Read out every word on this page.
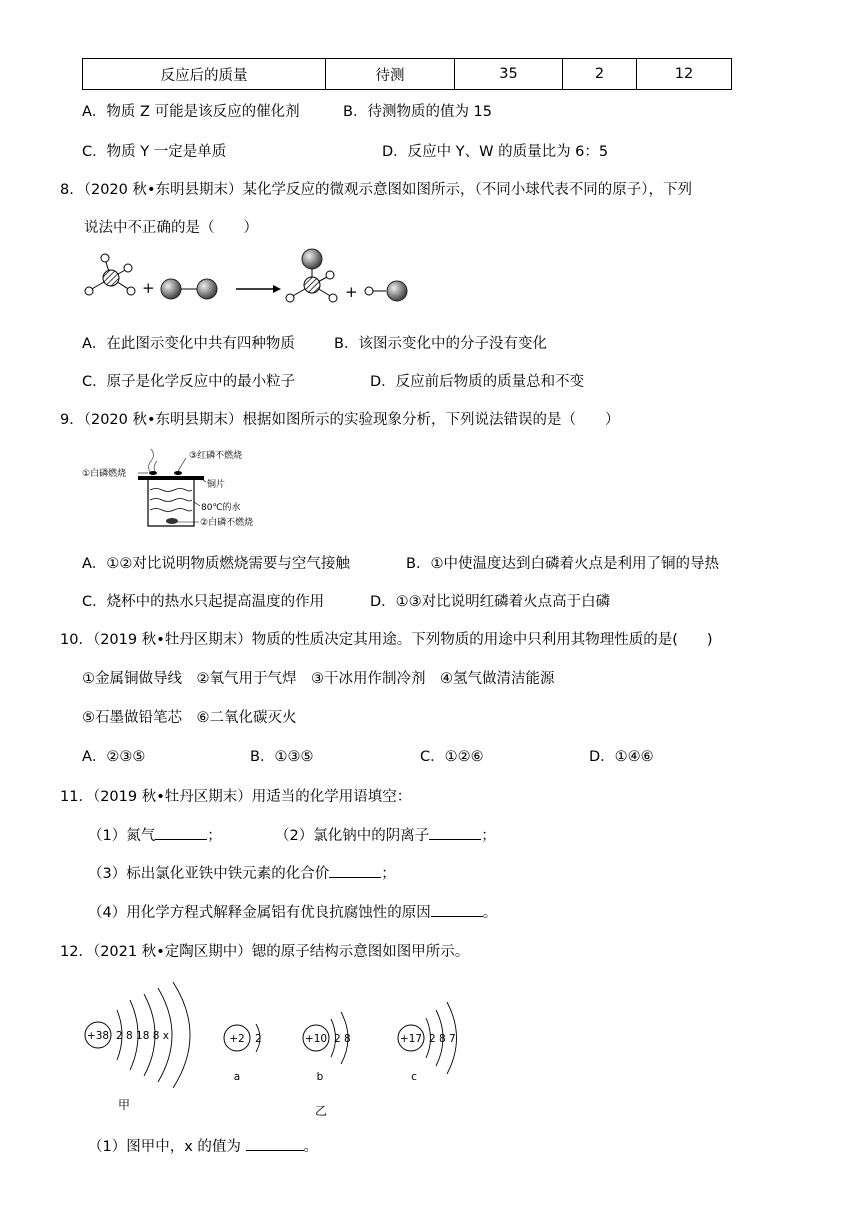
反应后的质量	待测	35	2	12
A．物质 Z 可能是该反应的催化剂	B．待测物质的值为 15
C．物质 Y 一定是单质	D．反应中 Y、W 的质量比为 6：5
8．（2020 秋•东明县期末）某化学反应的微观示意图如图所示，（不同小球代表不同的原子），下列
说法中不正确的是（　　）
+	+
A．在此图示变化中共有四种物质	B．该图示变化中的分子没有变化
C．原子是化学反应中的最小粒子	D．反应前后物质的质量总和不变
9．（2020 秋•东明县期末）根据如图所示的实验现象分析，下列说法错误的是（　　）
③红磷不燃烧
①白磷燃烧
铜片
80℃的水
②白磷不燃烧
A．①②对比说明物质燃烧需要与空气接触	B．①中使温度达到白磷着火点是利用了铜的导热
C．烧杯中的热水只起提高温度的作用	D．①③对比说明红磷着火点高于白磷
10．（2019 秋•牡丹区期末）物质的性质决定其用途。下列物质的用途中只利用其物理性质的是(　　)
①金属铜做导线　②氧气用于气焊　③干冰用作制冷剂　④氢气做清洁能源
⑤石墨做铅笔芯　⑥二氧化碳灭火
A．②③⑤	B．①③⑤	C．①②⑥	D．①④⑥
11．（2019 秋•牡丹区期末）用适当的化学用语填空：
（1）氮气	；	（2）氯化钠中的阴离子	；
（3）标出氯化亚铁中铁元素的化合价	；
（4）用化学方程式解释金属铝有优良抗腐蚀性的原因	。
12．（2021 秋•定陶区期中）锶的原子结构示意图如图甲所示。
+38 2 8 18 8 x	+2 2
a
+10 2 8
b
+17 2 8 7
c
甲	乙
（1）图甲中，x 的值为	。
